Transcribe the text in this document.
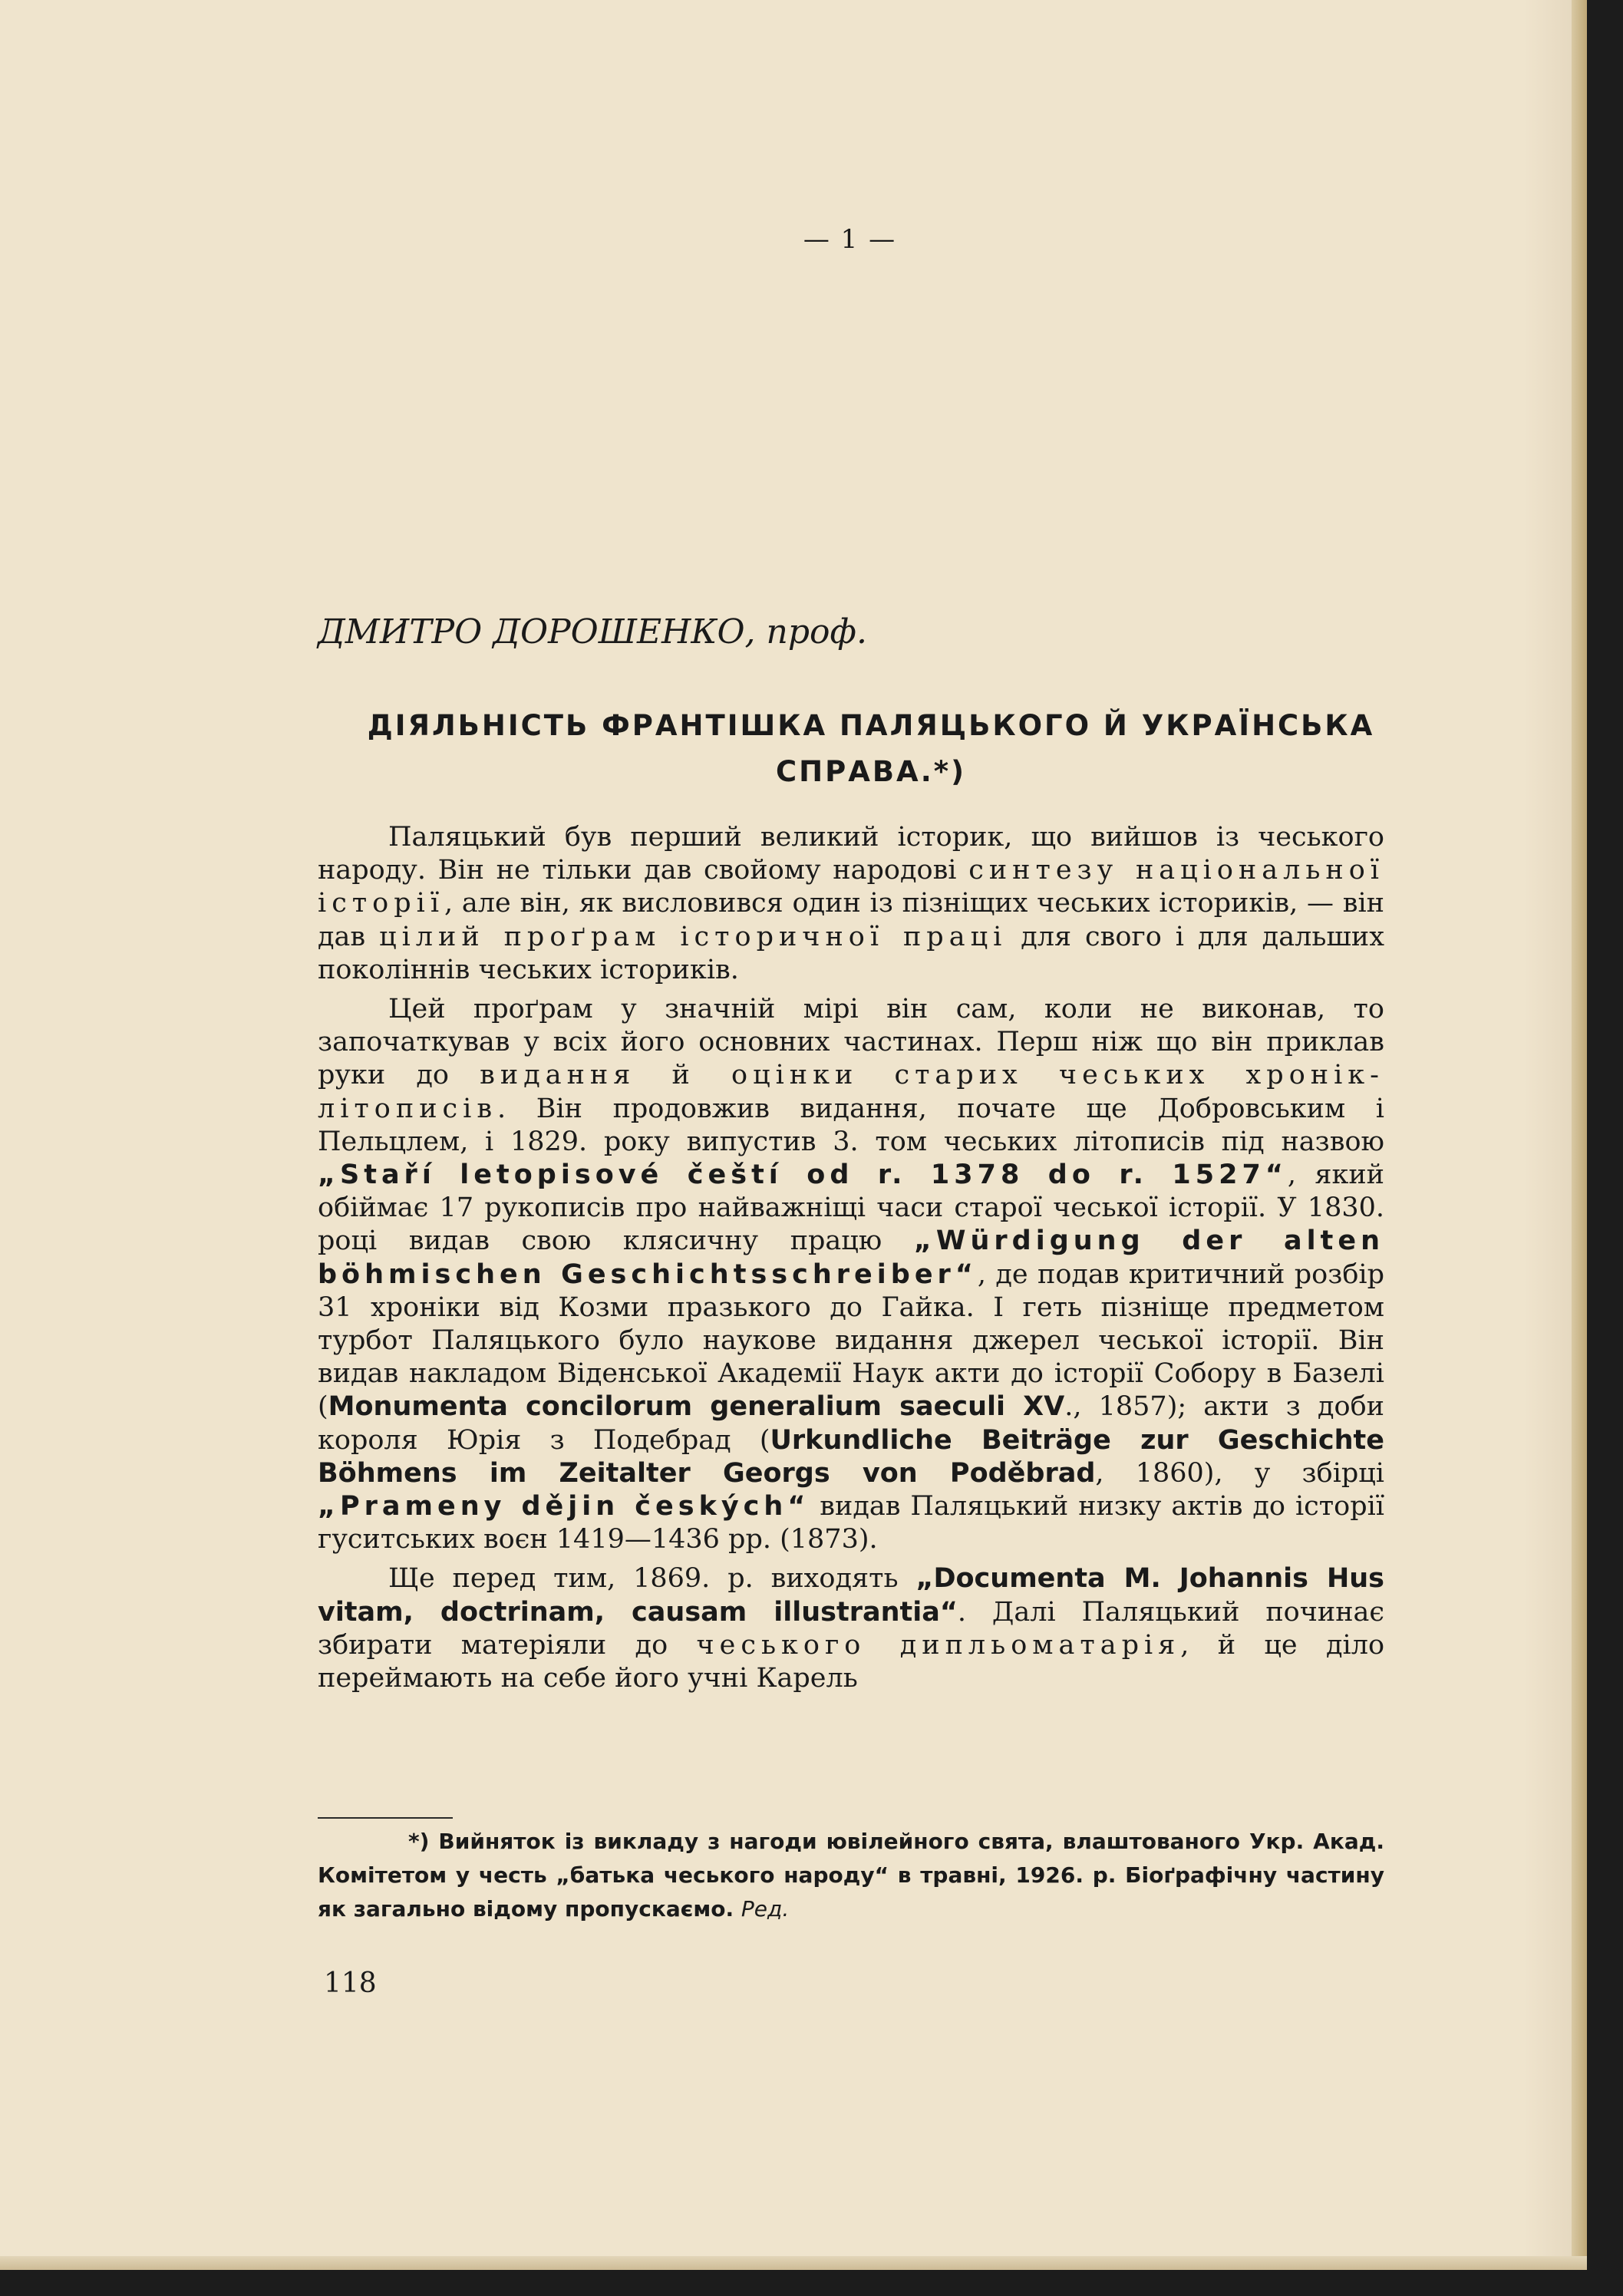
— 1 —
ДМИТРО ДОРОШЕНКО, проф.
ДІЯЛЬНІСТЬ ФРАНТІШКА ПАЛЯЦЬКОГО Й УКРАЇНСЬКА СПРАВА.*)

Паляцький був перший великий історик, що вийшов із чеського народу. Він не тільки дав свойому народові синтезу національної історії, але він, як висловився один із пізніщих чеських істориків, — він дав цілий проґрам історичної праці для свого і для дальших поколіннів чеських істориків.

Цей проґрам у значній мірі він сам, коли не виконав, то започаткував у всіх його основних частинах. Перш ніж що він приклав руки до видання й оцінки старих чеських хронік-літописів. Він продовжив видання, почате ще Добровським і Пельцлем, і 1829. року випустив 3. том чеських літописів під назвою „Staří letopisové čeští od r. 1378 do r. 1527“, який обіймає 17 рукописів про найважніщі часи старої чеської історії. У 1830. році видав свою клясичну працю „Würdigung der alten böhmischen Geschichtsschreiber“, де подав критичний розбір 31 хроніки від Козми празького до Гайка. І геть пізніще предметом турбот Паляцького було наукове видання джерел чеської історії. Він видав накладом Віденської Академії Наук акти до історії Собору в Базелі (Monumenta concilorum generalium saeculi XV., 1857); акти з доби короля Юрія з Подебрад (Urkundliche Beiträge zur Geschichte Böhmens im Zeitalter Georgs von Poděbrad, 1860), у збірці „Prameny dějin českých“ видав Паляцький низку актів до історії гуситських воєн 1419—1436 рр. (1873).

Ще перед тим, 1869. р. виходять „Documenta M. Johannis Hus vitam, doctrinam, causam illustrantia“. Далі Паляцький починає збирати матеріяли до чеського дипльоматарія, й це діло переймають на себе його учні Карель

*) Вийняток із викладу з нагоди ювілейного свята, влаштованого Укр. Акад. Комітетом у честь „батька чеського народу“ в травні, 1926. р. Біоґрафічну частину як загально відому пропускаємо. Ред.
118
